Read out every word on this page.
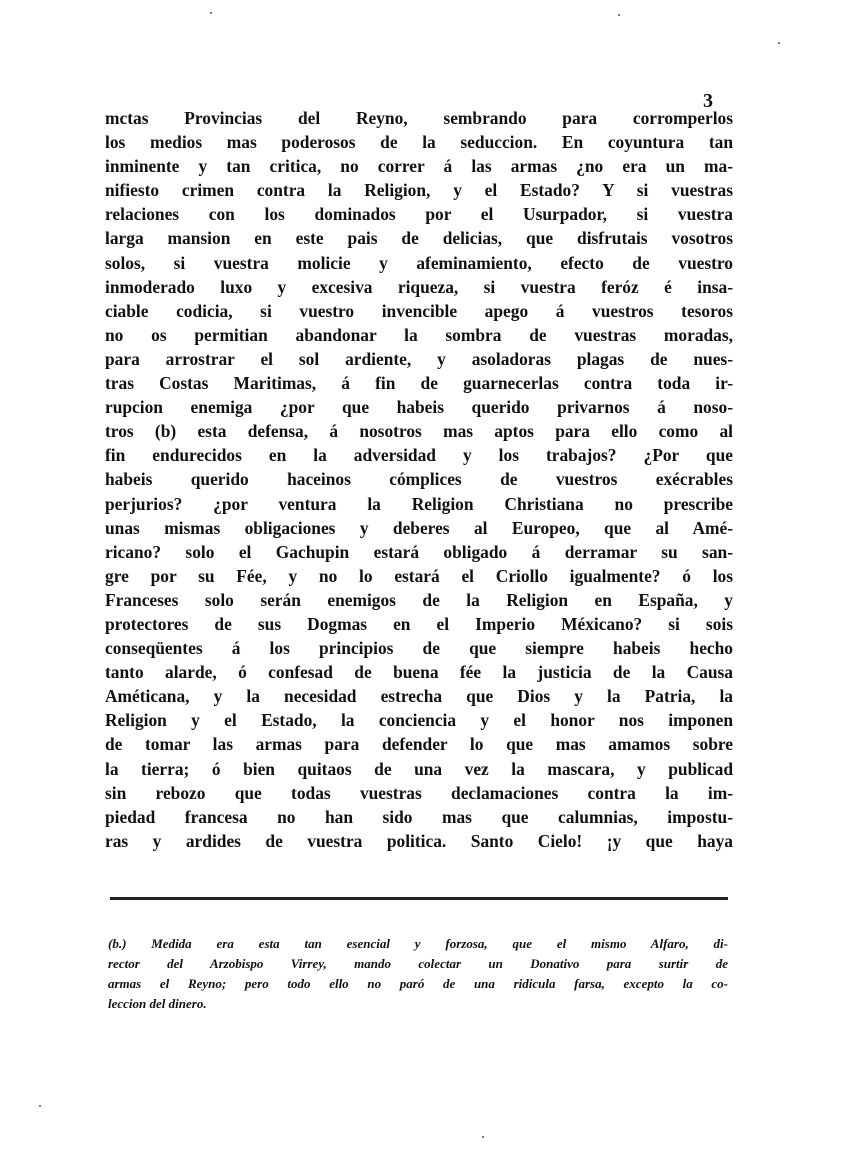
3
mctas Provincias del Reyno, sembrando para corromperlos
los medios mas poderosos de la seduccion. En coyuntura tan
inminente y tan critica, no correr á las armas ¿no era un ma-
nifiesto crimen contra la Religion, y el Estado? Y si vuestras
relaciones con los dominados por el Usurpador, si vuestra
larga mansion en este pais de delicias, que disfrutais vosotros
solos, si vuestra molicie y afeminamiento, efecto de vuestro
inmoderado luxo y excesiva riqueza, si vuestra feróz é insa-
ciable codicia, si vuestro invencible apego á vuestros tesoros
no os permitian abandonar la sombra de vuestras moradas,
para arrostrar el sol ardiente, y asoladoras plagas de nues-
tras Costas Maritimas, á fin de guarnecerlas contra toda ir-
rupcion enemiga ¿por que habeis querido privarnos á noso-
tros (b) esta defensa, á nosotros mas aptos para ello como al
fin endurecidos en la adversidad y los trabajos? ¿Por que
habeis querido haceinos cómplices de vuestros exécrables
perjurios? ¿por ventura la Religion Christiana no prescribe
unas mismas obligaciones y deberes al Europeo, que al Amé-
ricano? solo el Gachupin estará obligado á derramar su san-
gre por su Fée, y no lo estará el Criollo igualmente? ó los
Franceses solo serán enemigos de la Religion en España, y
protectores de sus Dogmas en el Imperio Méxicano? si sois
conseqüentes á los principios de que siempre habeis hecho
tanto alarde, ó confesad de buena fée la justicia de la Causa
Améticana, y la necesidad estrecha que Dios y la Patria, la
Religion y el Estado, la conciencia y el honor nos imponen
de tomar las armas para defender lo que mas amamos sobre
la tierra; ó bien quitaos de una vez la mascara, y publicad
sin rebozo que todas vuestras declamaciones contra la im-
piedad francesa no han sido mas que calumnias, impostu-
ras y ardides de vuestra politica. Santo Cielo! ¡y que haya
(b.) Medida era esta tan esencial y forzosa, que el mismo Alfaro, di-
rector del Arzobispo Virrey, mando colectar un Donativo para surtir de
armas el Reyno; pero todo ello no paró de una ridicula farsa, excepto la co-
leccion del dinero.
